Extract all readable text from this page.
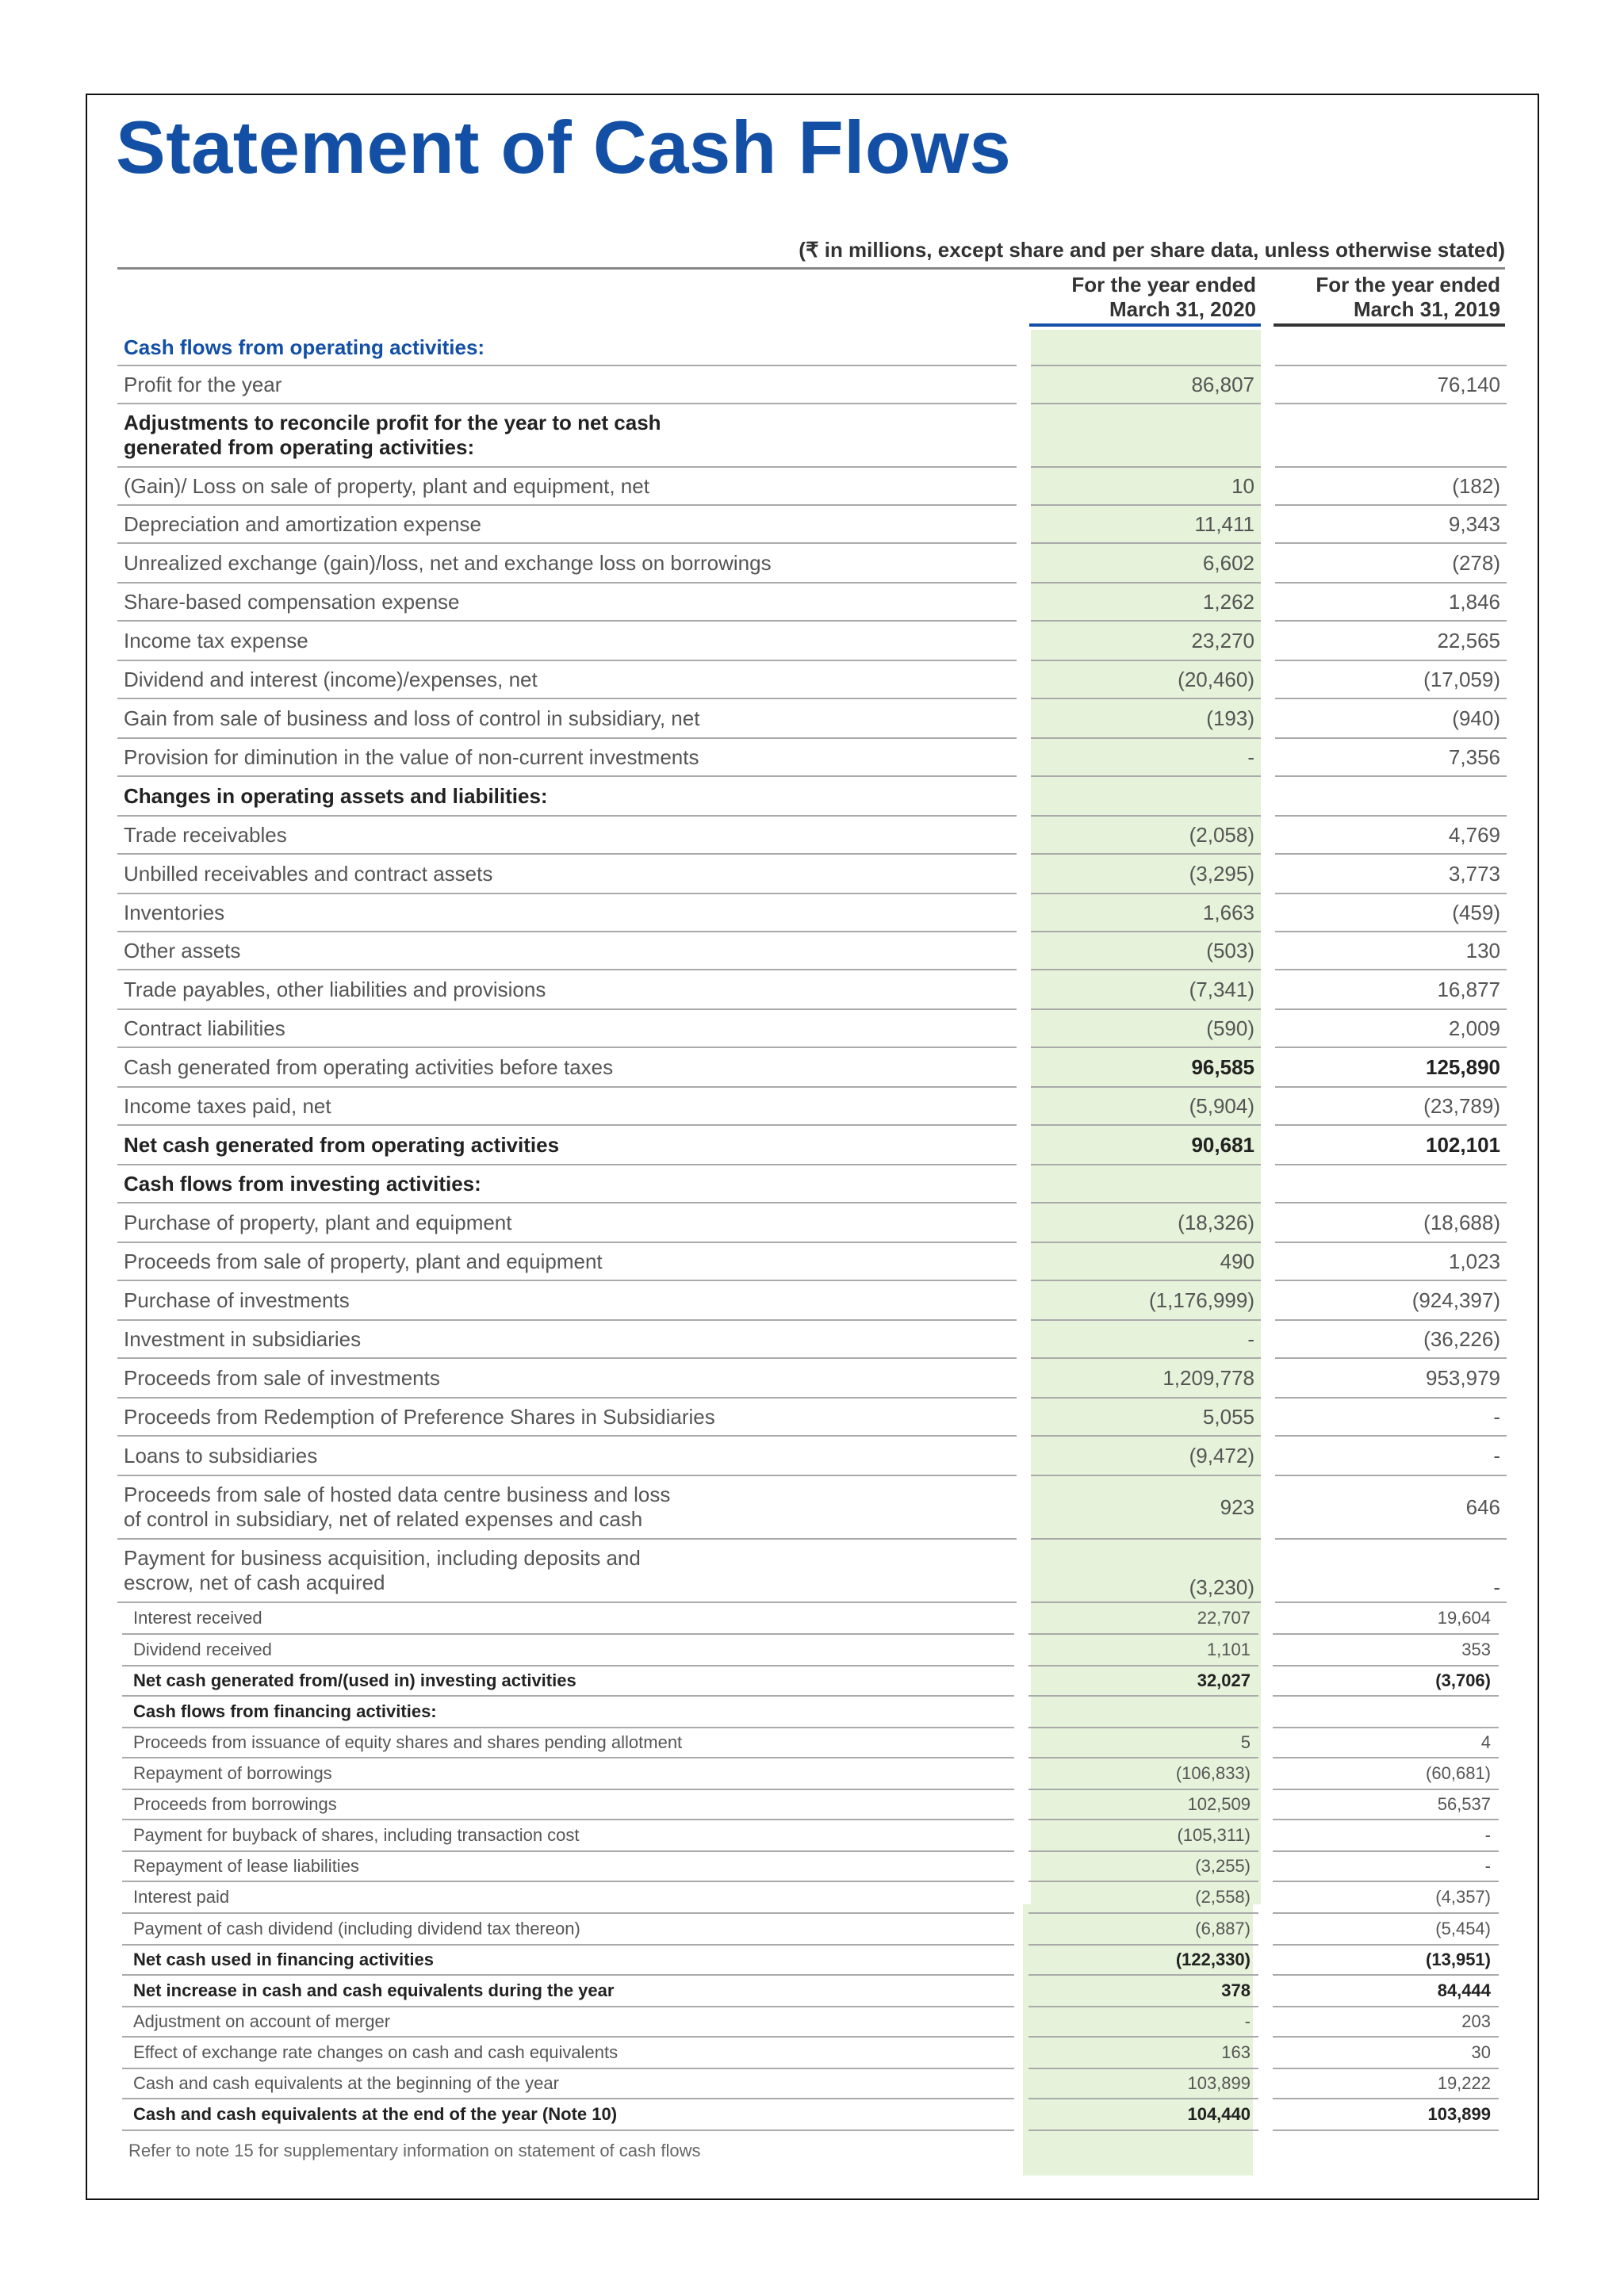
Statement of Cash Flows
(₹ in millions, except share and per share data, unless otherwise stated)
For the year ended
March 31, 2020
For the year ended
March 31, 2019
Cash flows from operating activities:
Profit for the year	86,807	76,140
Adjustments to reconcile profit for the year to net cash
generated from operating activities:
(Gain)/ Loss on sale of property, plant and equipment, net	10	(182)
Depreciation and amortization expense	11,411	9,343
Unrealized exchange (gain)/loss, net and exchange loss on borrowings	6,602	(278)
Share-based compensation expense	1,262	1,846
Income tax expense	23,270	22,565
Dividend and interest (income)/expenses, net	(20,460)	(17,059)
Gain from sale of business and loss of control in subsidiary, net	(193)	(940)
Provision for diminution in the value of non-current investments	-	7,356
Changes in operating assets and liabilities:
Trade receivables	(2,058)	4,769
Unbilled receivables and contract assets	(3,295)	3,773
Inventories	1,663	(459)
Other assets	(503)	130
Trade payables, other liabilities and provisions	(7,341)	16,877
Contract liabilities	(590)	2,009
Cash generated from operating activities before taxes	96,585	125,890
Income taxes paid, net	(5,904)	(23,789)
Net cash generated from operating activities	90,681	102,101
Cash flows from investing activities:
Purchase of property, plant and equipment	(18,326)	(18,688)
Proceeds from sale of property, plant and equipment	490	1,023
Purchase of investments	(1,176,999)	(924,397)
Investment in subsidiaries	-	(36,226)
Proceeds from sale of investments	1,209,778	953,979
Proceeds from Redemption of Preference Shares in Subsidiaries	5,055	-
Loans to subsidiaries	(9,472)	-
Proceeds from sale of hosted data centre business and loss
of control in subsidiary, net of related expenses and cash
923	646
Payment for business acquisition, including deposits and
escrow, net of cash acquired	(3,230)	-
Interest received	22,707	19,604
Dividend received	1,101	353
Net cash generated from/(used in) investing activities	32,027	(3,706)
Cash flows from financing activities:
Proceeds from issuance of equity shares and shares pending allotment	5	4
Repayment of borrowings	(106,833)	(60,681)
Proceeds from borrowings	102,509	56,537
Payment for buyback of shares, including transaction cost	(105,311)	-
Repayment of lease liabilities	(3,255)	-
Interest paid	(2,558)	(4,357)
Payment of cash dividend (including dividend tax thereon)	(6,887)	(5,454)
Net cash used in financing activities	(122,330)	(13,951)
Net increase in cash and cash equivalents during the year	378	84,444
Adjustment on account of merger	-	203
Effect of exchange rate changes on cash and cash equivalents	163	30
Cash and cash equivalents at the beginning of the year	103,899	19,222
Cash and cash equivalents at the end of the year (Note 10)	104,440	103,899
Refer to note 15 for supplementary information on statement of cash flows
